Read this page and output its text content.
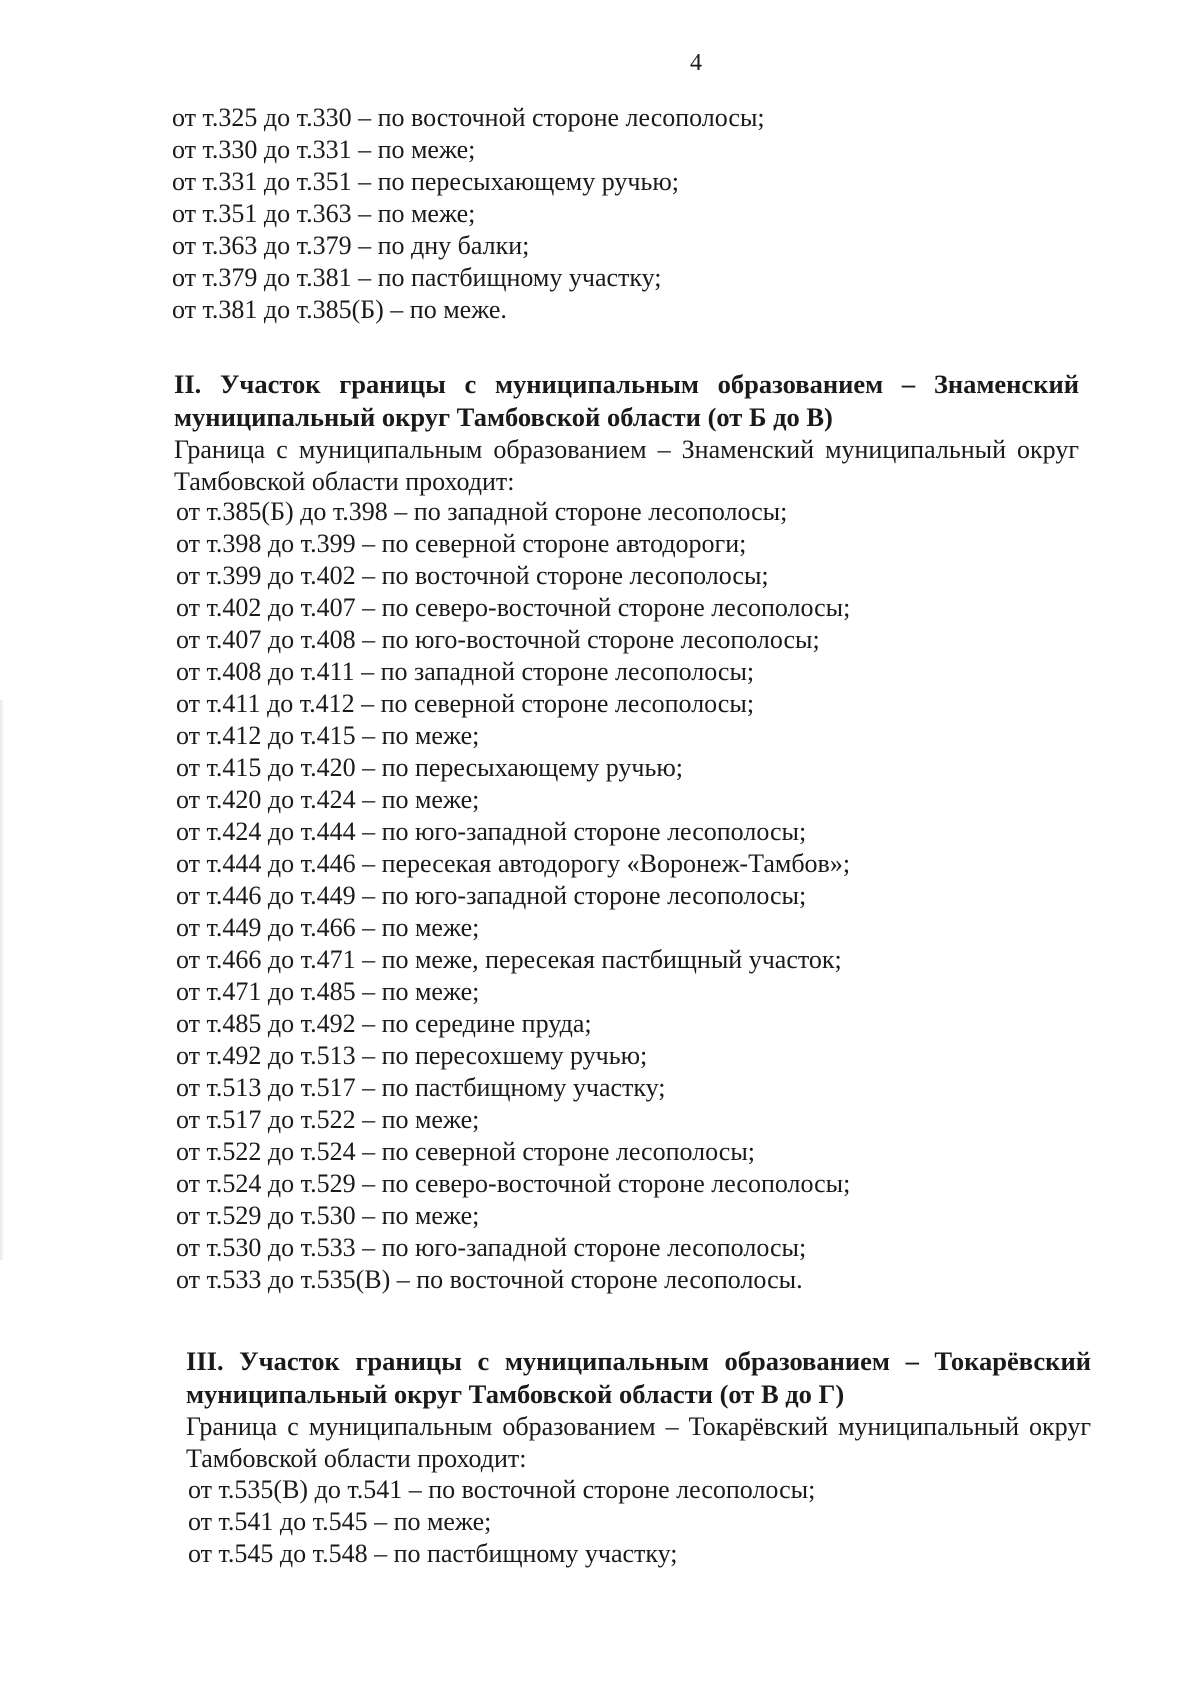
4
от т.325 до т.330 – по восточной стороне лесополосы;
от т.330 до т.331 – по меже;
от т.331 до т.351 – по пересыхающему ручью;
от т.351 до т.363 – по меже;
от т.363 до т.379 – по дну балки;
от т.379 до т.381 – по пастбищному участку;
от т.381 до т.385(Б) – по меже.
II. Участок границы с муниципальным образованием – Знаменский муниципальный округ Тамбовской области (от Б до В)
Граница с муниципальным образованием – Знаменский муниципальный округ Тамбовской области проходит:
от т.385(Б) до т.398 – по западной стороне лесополосы;
от т.398 до т.399 – по северной стороне автодороги;
от т.399 до т.402 – по восточной стороне лесополосы;
от т.402 до т.407 – по северо-восточной стороне лесополосы;
от т.407 до т.408 – по юго-восточной стороне лесополосы;
от т.408 до т.411 – по западной стороне лесополосы;
от т.411 до т.412 – по северной стороне лесополосы;
от т.412 до т.415 – по меже;
от т.415 до т.420 – по пересыхающему ручью;
от т.420 до т.424 – по меже;
от т.424 до т.444 – по юго-западной стороне лесополосы;
от т.444 до т.446 – пересекая автодорогу «Воронеж-Тамбов»;
от т.446 до т.449 – по юго-западной стороне лесополосы;
от т.449 до т.466 – по меже;
от т.466 до т.471 – по меже, пересекая пастбищный участок;
от т.471 до т.485 – по меже;
от т.485 до т.492 – по середине пруда;
от т.492 до т.513 – по пересохшему ручью;
от т.513 до т.517 – по пастбищному участку;
от т.517 до т.522 – по меже;
от т.522 до т.524 – по северной стороне лесополосы;
от т.524 до т.529 – по северо-восточной стороне лесополосы;
от т.529 до т.530 – по меже;
от т.530 до т.533 – по юго-западной стороне лесополосы;
от т.533 до т.535(В) – по восточной стороне лесополосы.
III. Участок границы с муниципальным образованием – Токарёвский муниципальный округ Тамбовской области (от В до Г)
Граница с муниципальным образованием – Токарёвский муниципальный округ Тамбовской области проходит:
от т.535(В) до т.541 – по восточной стороне лесополосы;
от т.541 до т.545 – по меже;
от т.545 до т.548 – по пастбищному участку;
